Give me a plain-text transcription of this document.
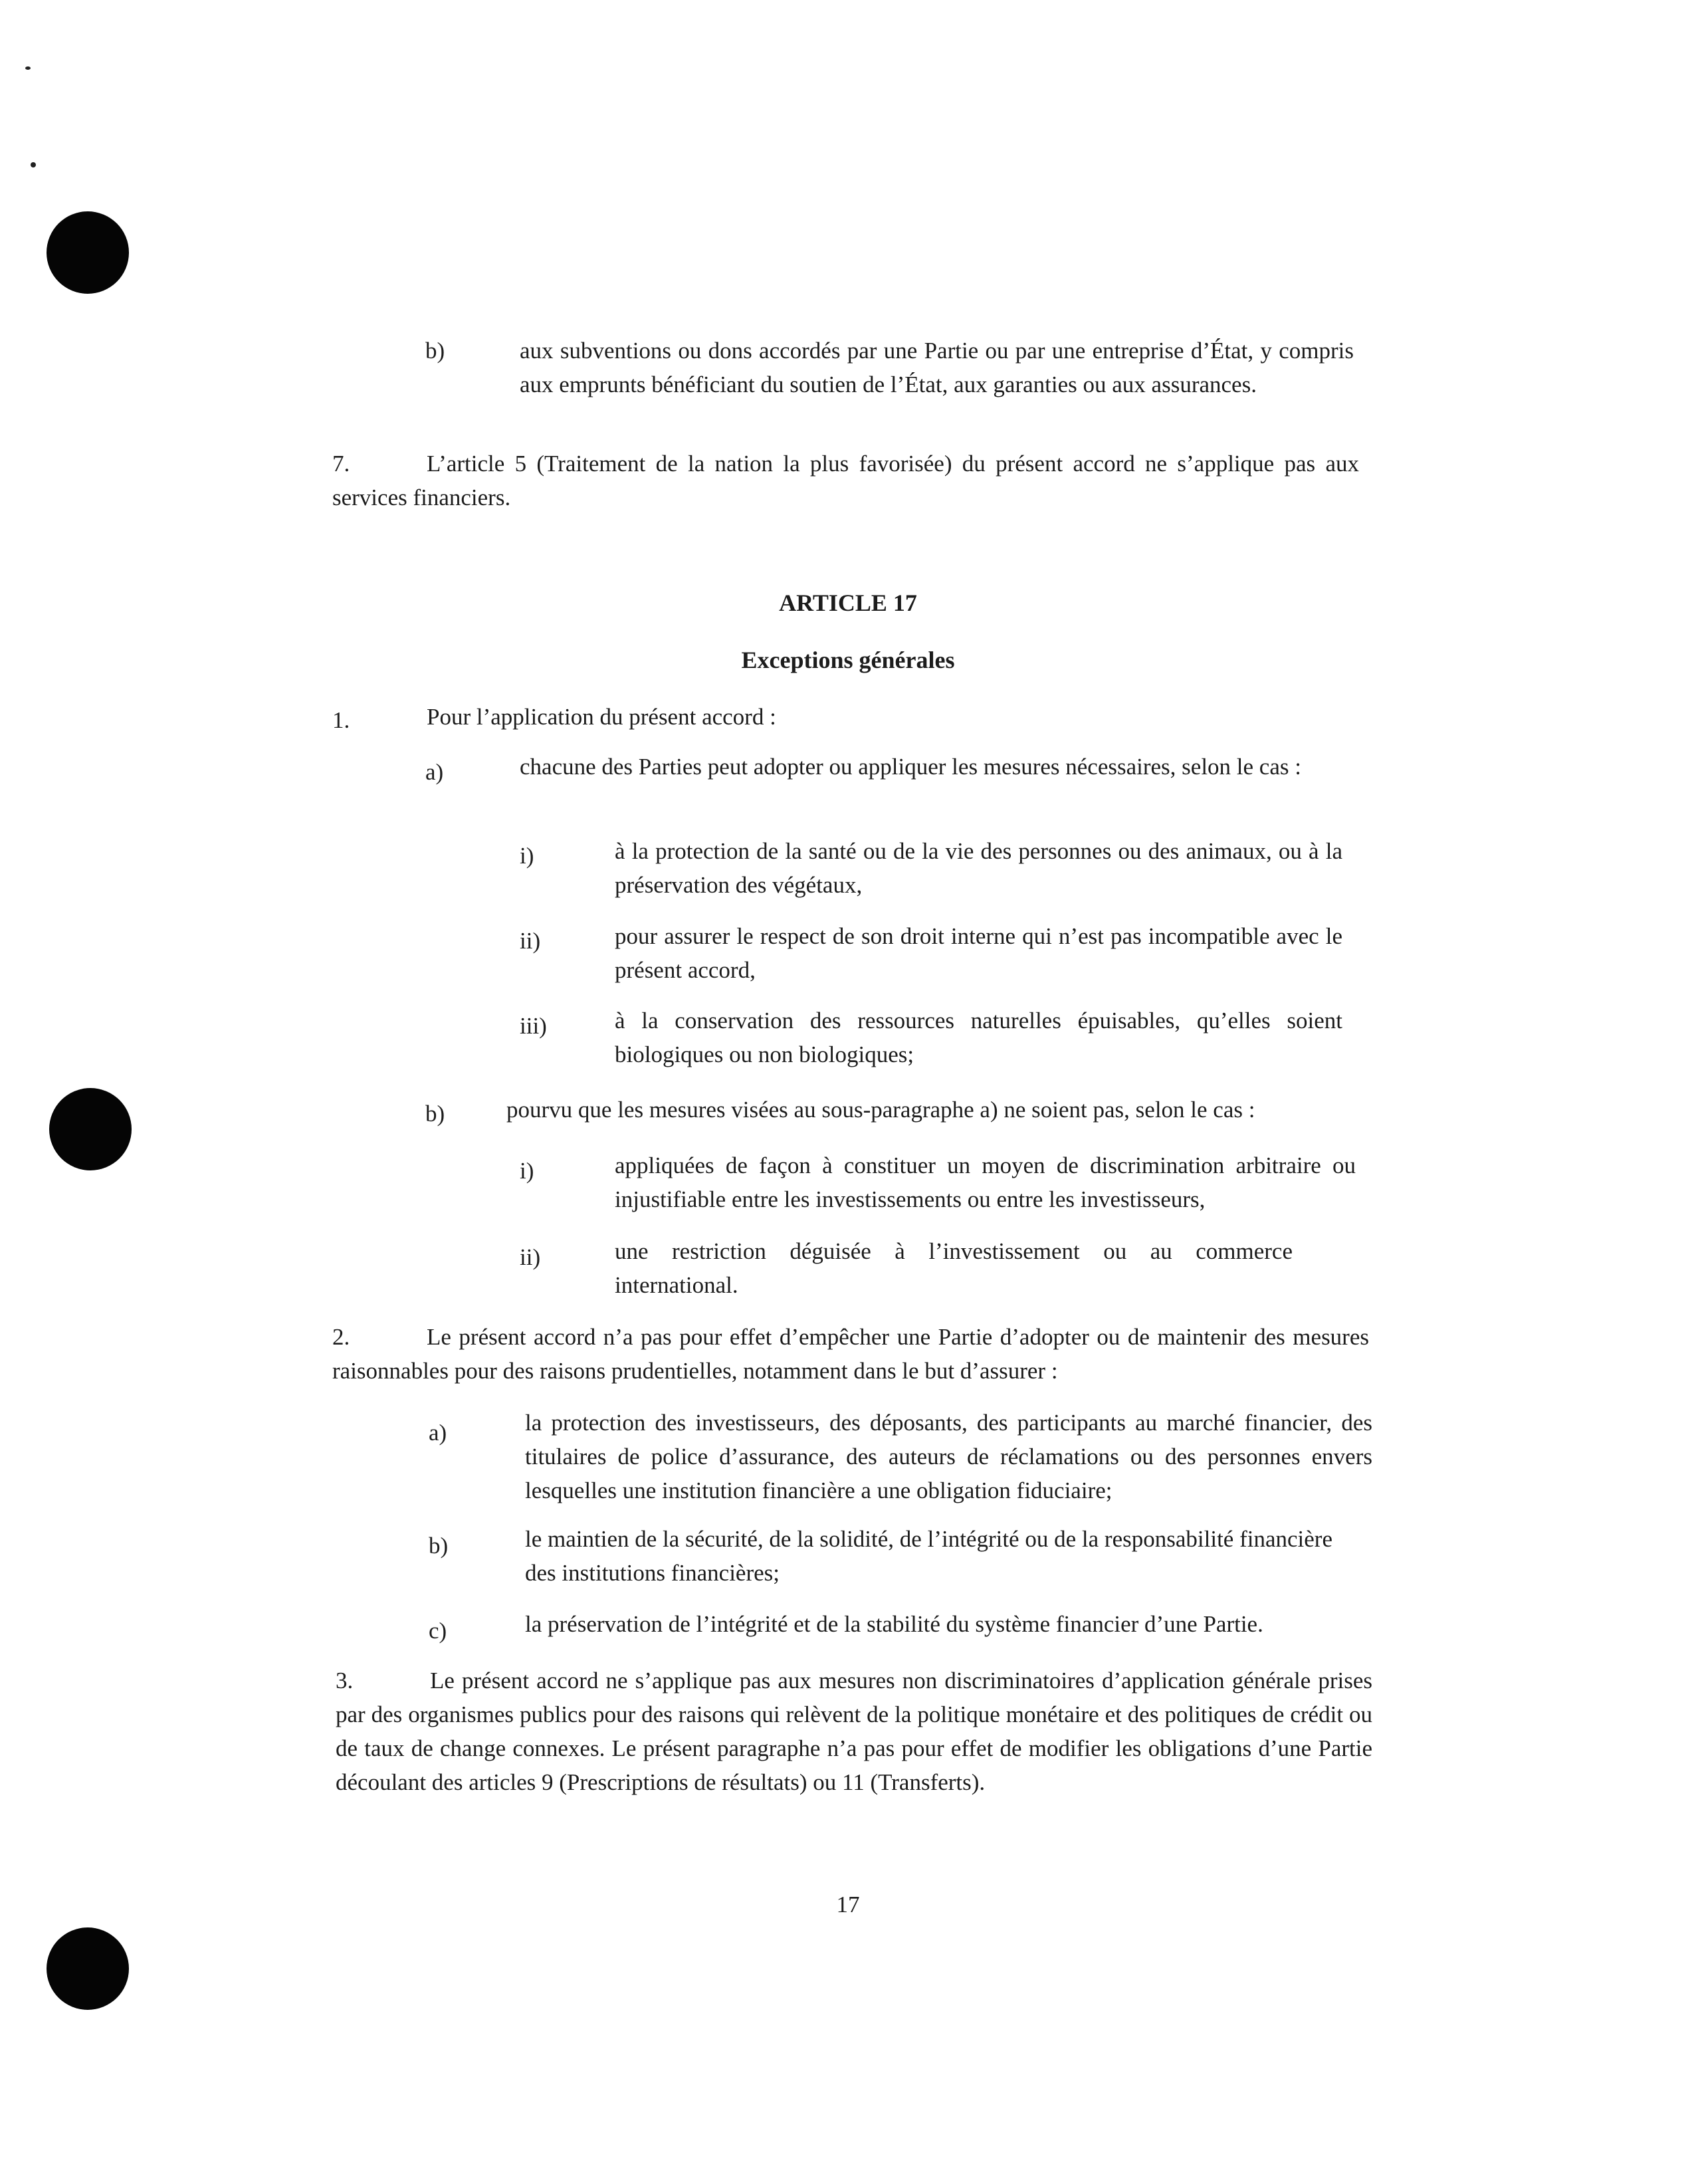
b)	aux subventions ou dons accordés par une Partie ou par une entreprise d’État, y compris aux emprunts bénéficiant du soutien de l’État, aux garanties ou aux assurances.

7.	L’article 5 (Traitement de la nation la plus favorisée) du présent accord ne s’applique pas aux services financiers.

ARTICLE 17

Exceptions générales

1.	Pour l’application du présent accord :

a)	chacune des Parties peut adopter ou appliquer les mesures nécessaires, selon le cas :

i)	à la protection de la santé ou de la vie des personnes ou des animaux, ou à la préservation des végétaux,

ii)	pour assurer le respect de son droit interne qui n’est pas incompatible avec le présent accord,

iii)	à la conservation des ressources naturelles épuisables, qu’elles soient biologiques ou non biologiques;

b)	pourvu que les mesures visées au sous-paragraphe a) ne soient pas, selon le cas :

i)	appliquées de façon à constituer un moyen de discrimination arbitraire ou injustifiable entre les investissements ou entre les investisseurs,

ii)	une restriction déguisée à l’investissement ou au commerce international.

2.	Le présent accord n’a pas pour effet d’empêcher une Partie d’adopter ou de maintenir des mesures raisonnables pour des raisons prudentielles, notamment dans le but d’assurer :

a)	la protection des investisseurs, des déposants, des participants au marché financier, des titulaires de police d’assurance, des auteurs de réclamations ou des personnes envers lesquelles une institution financière a une obligation fiduciaire;

b)	le maintien de la sécurité, de la solidité, de l’intégrité ou de la responsabilité financière des institutions financières;

c)	la préservation de l’intégrité et de la stabilité du système financier d’une Partie.

3.	Le présent accord ne s’applique pas aux mesures non discriminatoires d’application générale prises par des organismes publics pour des raisons qui relèvent de la politique monétaire et des politiques de crédit ou de taux de change connexes. Le présent paragraphe n’a pas pour effet de modifier les obligations d’une Partie découlant des articles 9 (Prescriptions de résultats) ou 11 (Transferts).

17
